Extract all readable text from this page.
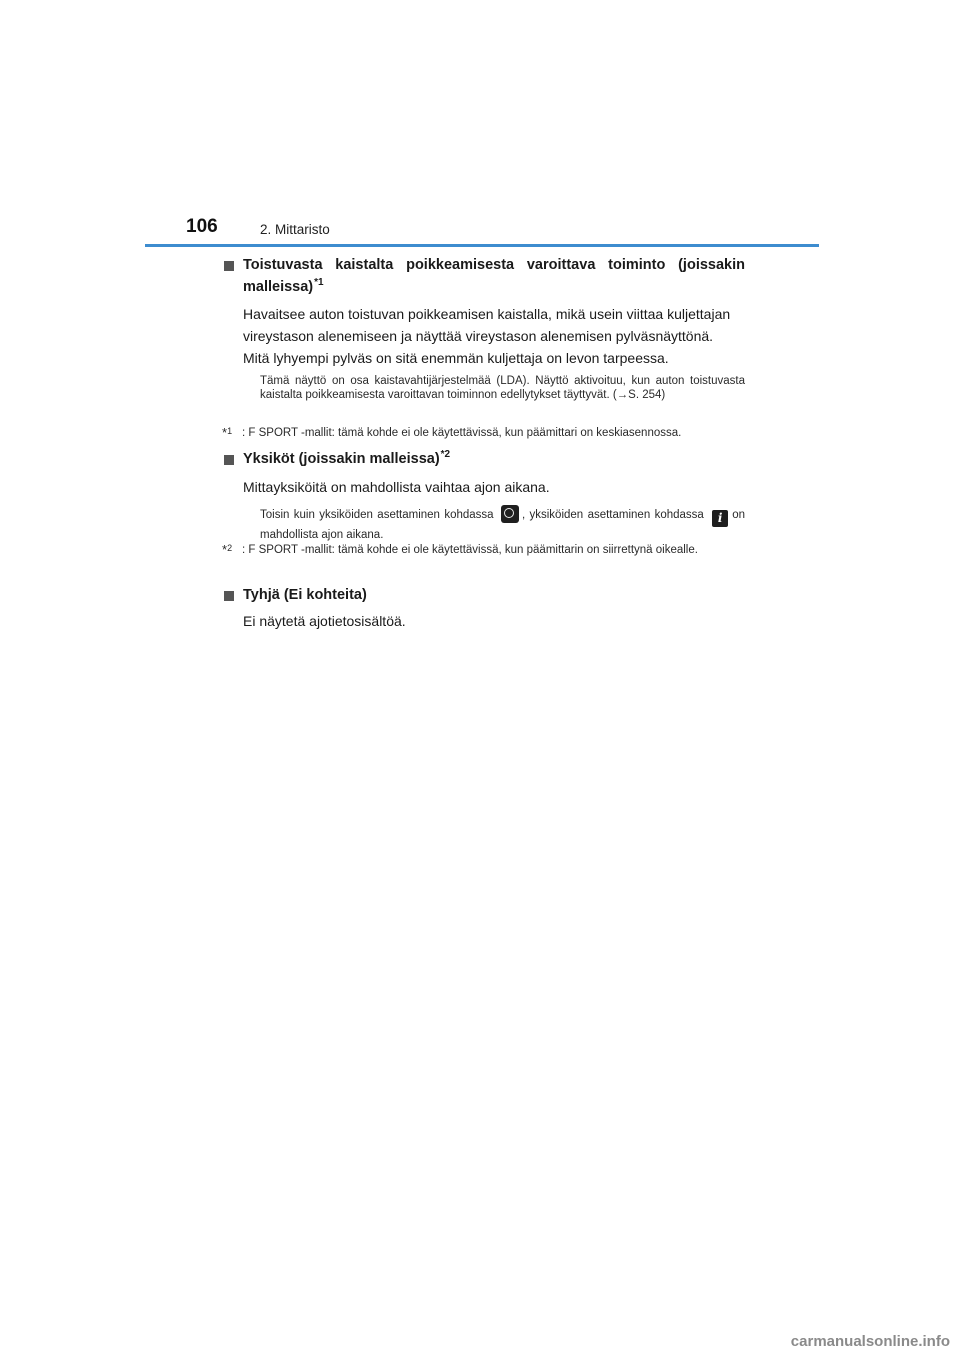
106	2. Mittaristo
Toistuvasta kaistalta poikkeamisesta varoittava toiminto (joissakin
malleissa)$^{*1}$
Havaitsee auton toistuvan poikkeamisen kaistalla, mikä usein viittaa kuljettajan
vireystason alenemiseen ja näyttää vireystason alenemisen pylväsnäyttönä.
Mitä lyhyempi pylväs on sitä enemmän kuljettaja on levon tarpeessa.
Tämä näyttö on osa kaistavahtijärjestelmää (LDA). Näyttö aktivoituu, kun auton toistuvasta kaistalta poikkeamisesta varoittavan toiminnon edellytykset täyttyvät. (→S. 254)
*$^1$ : F SPORT -mallit: tämä kohde ei ole käytettävissä, kun päämittari on keskiasennossa.
Yksiköt (joissakin malleissa)$^{*2}$
Mittayksiköitä on mahdollista vaihtaa ajon aikana.
Toisin kuin yksiköiden asettaminen kohdassa , yksiköiden asettaminen kohdassa i on mahdollista ajon aikana.
*$^2$ : F SPORT -mallit: tämä kohde ei ole käytettävissä, kun päämittarin on siirrettynä oikealle.
Tyhjä (Ei kohteita)
Ei näytetä ajotietosisältöä.
carmanualsonline.info
